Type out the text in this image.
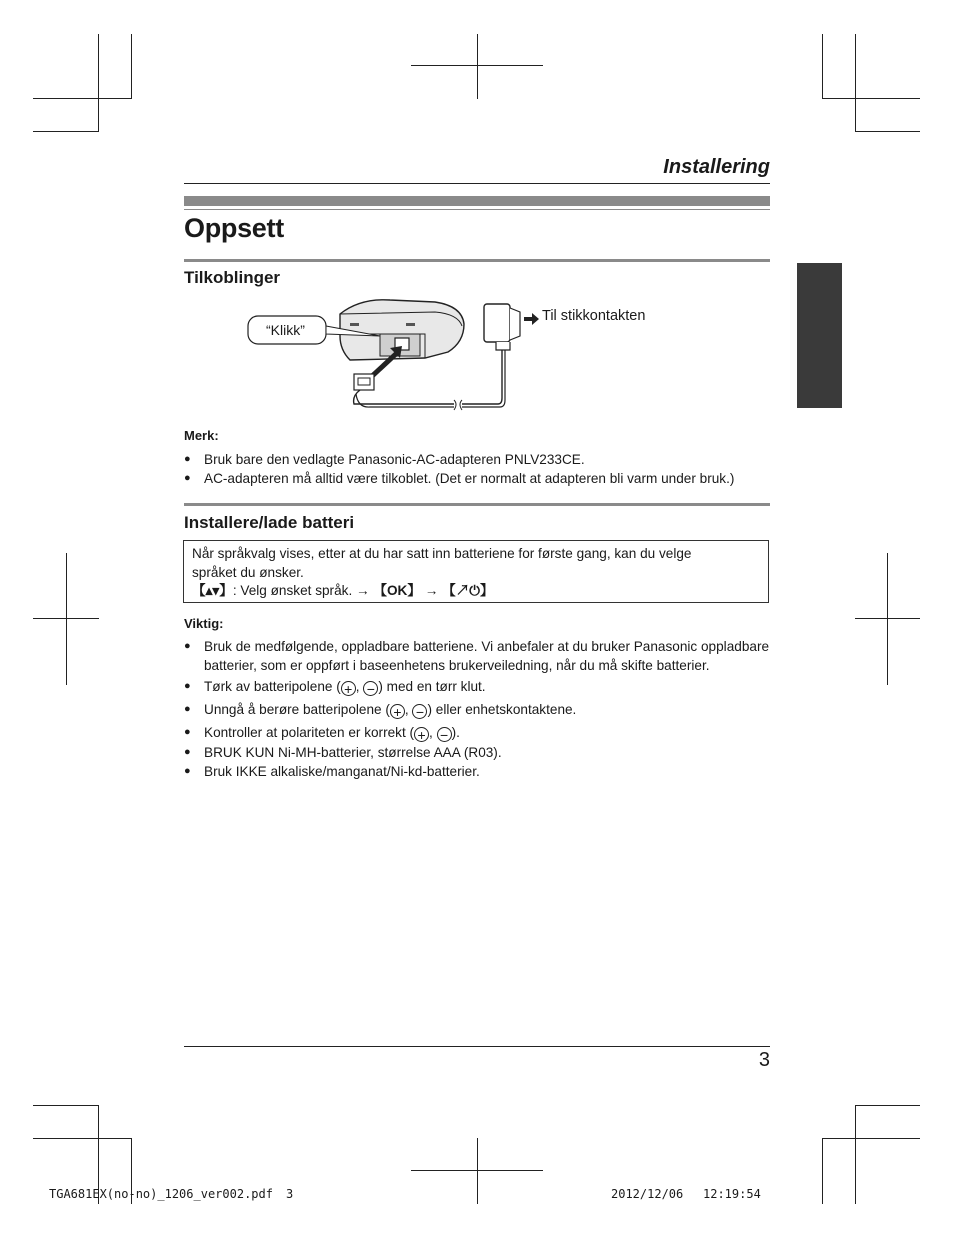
Installering
Oppsett
Tilkoblinger
“Klikk”
Til stikkontakten
Merk:
● Bruk bare den vedlagte Panasonic-AC-adapteren PNLV233CE.
● AC-adapteren må alltid være tilkoblet. (Det er normalt at adapteren bli varm under bruk.)
Installere/lade batteri
Når språkvalg vises, etter at du har satt inn batteriene for første gang, kan du velge
språket du ønsker.
【▴▾】: Velg ønsket språk. → 【OK】 → 【↗⏻】
Viktig:
● Bruk de medfølgende, oppladbare batteriene. Vi anbefaler at du bruker Panasonic oppladbare batterier, som er oppført i baseenhetens brukerveiledning, når du må skifte batterier.
● Tørk av batteripolene ( + , − ) med en tørr klut.
● Unngå å berøre batteripolene ( + , − ) eller enhetskontaktene.
● Kontroller at polariteten er korrekt ( + , − ).
● BRUK KUN Ni-MH-batterier, størrelse AAA (R03).
● Bruk IKKE alkaliske/manganat/Ni-kd-batterier.
3
TGA681EX(no-no)_1206_ver002.pdf 3	2012/12/06 12:19:54
